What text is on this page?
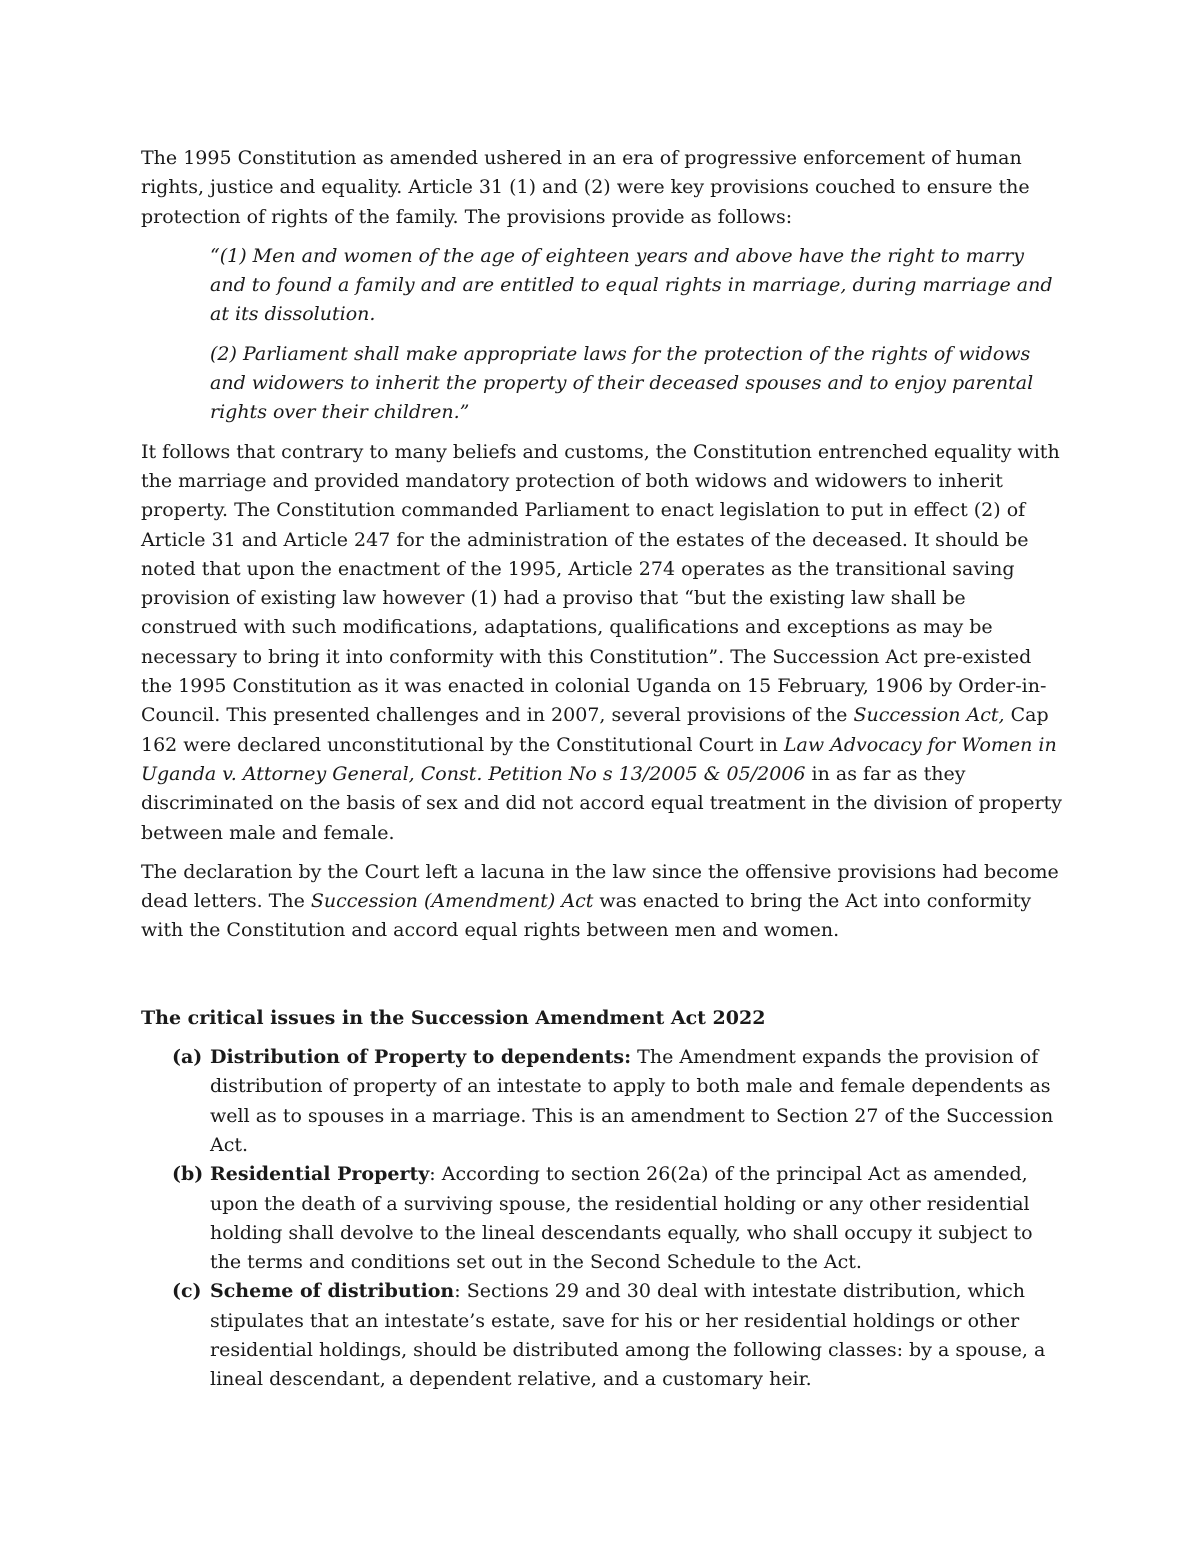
The 1995 Constitution as amended ushered in an era of progressive enforcement of human rights, justice and equality. Article 31 (1) and (2) were key provisions couched to ensure the protection of rights of the family. The provisions provide as follows:

“(1) Men and women of the age of eighteen years and above have the right to marry and to found a family and are entitled to equal rights in marriage, during marriage and at its dissolution.

(2) Parliament shall make appropriate laws for the protection of the rights of widows and widowers to inherit the property of their deceased spouses and to enjoy parental rights over their children.”

It follows that contrary to many beliefs and customs, the Constitution entrenched equality with the marriage and provided mandatory protection of both widows and widowers to inherit property. The Constitution commanded Parliament to enact legislation to put in effect (2) of Article 31 and Article 247 for the administration of the estates of the deceased. It should be noted that upon the enactment of the 1995, Article 274 operates as the transitional saving provision of existing law however (1) had a proviso that “but the existing law shall be construed with such modifications, adaptations, qualifications and exceptions as may be necessary to bring it into conformity with this Constitution”. The Succession Act pre-existed the 1995 Constitution as it was enacted in colonial Uganda on 15 February, 1906 by Order-in-Council. This presented challenges and in 2007, several provisions of the Succession Act, Cap 162 were declared unconstitutional by the Constitutional Court in Law Advocacy for Women in Uganda v. Attorney General, Const. Petition No s 13/2005 & 05/2006 in as far as they discriminated on the basis of sex and did not accord equal treatment in the division of property between male and female.

The declaration by the Court left a lacuna in the law since the offensive provisions had become dead letters. The Succession (Amendment) Act was enacted to bring the Act into conformity with the Constitution and accord equal rights between men and women.

The critical issues in the Succession Amendment Act 2022

(a) Distribution of Property to dependents: The Amendment expands the provision of distribution of property of an intestate to apply to both male and female dependents as well as to spouses in a marriage. This is an amendment to Section 27 of the Succession Act.
(b) Residential Property: According to section 26(2a) of the principal Act as amended, upon the death of a surviving spouse, the residential holding or any other residential holding shall devolve to the lineal descendants equally, who shall occupy it subject to the terms and conditions set out in the Second Schedule to the Act.
(c) Scheme of distribution: Sections 29 and 30 deal with intestate distribution, which stipulates that an intestate’s estate, save for his or her residential holdings or other residential holdings, should be distributed among the following classes: by a spouse, a lineal descendant, a dependent relative, and a customary heir.
